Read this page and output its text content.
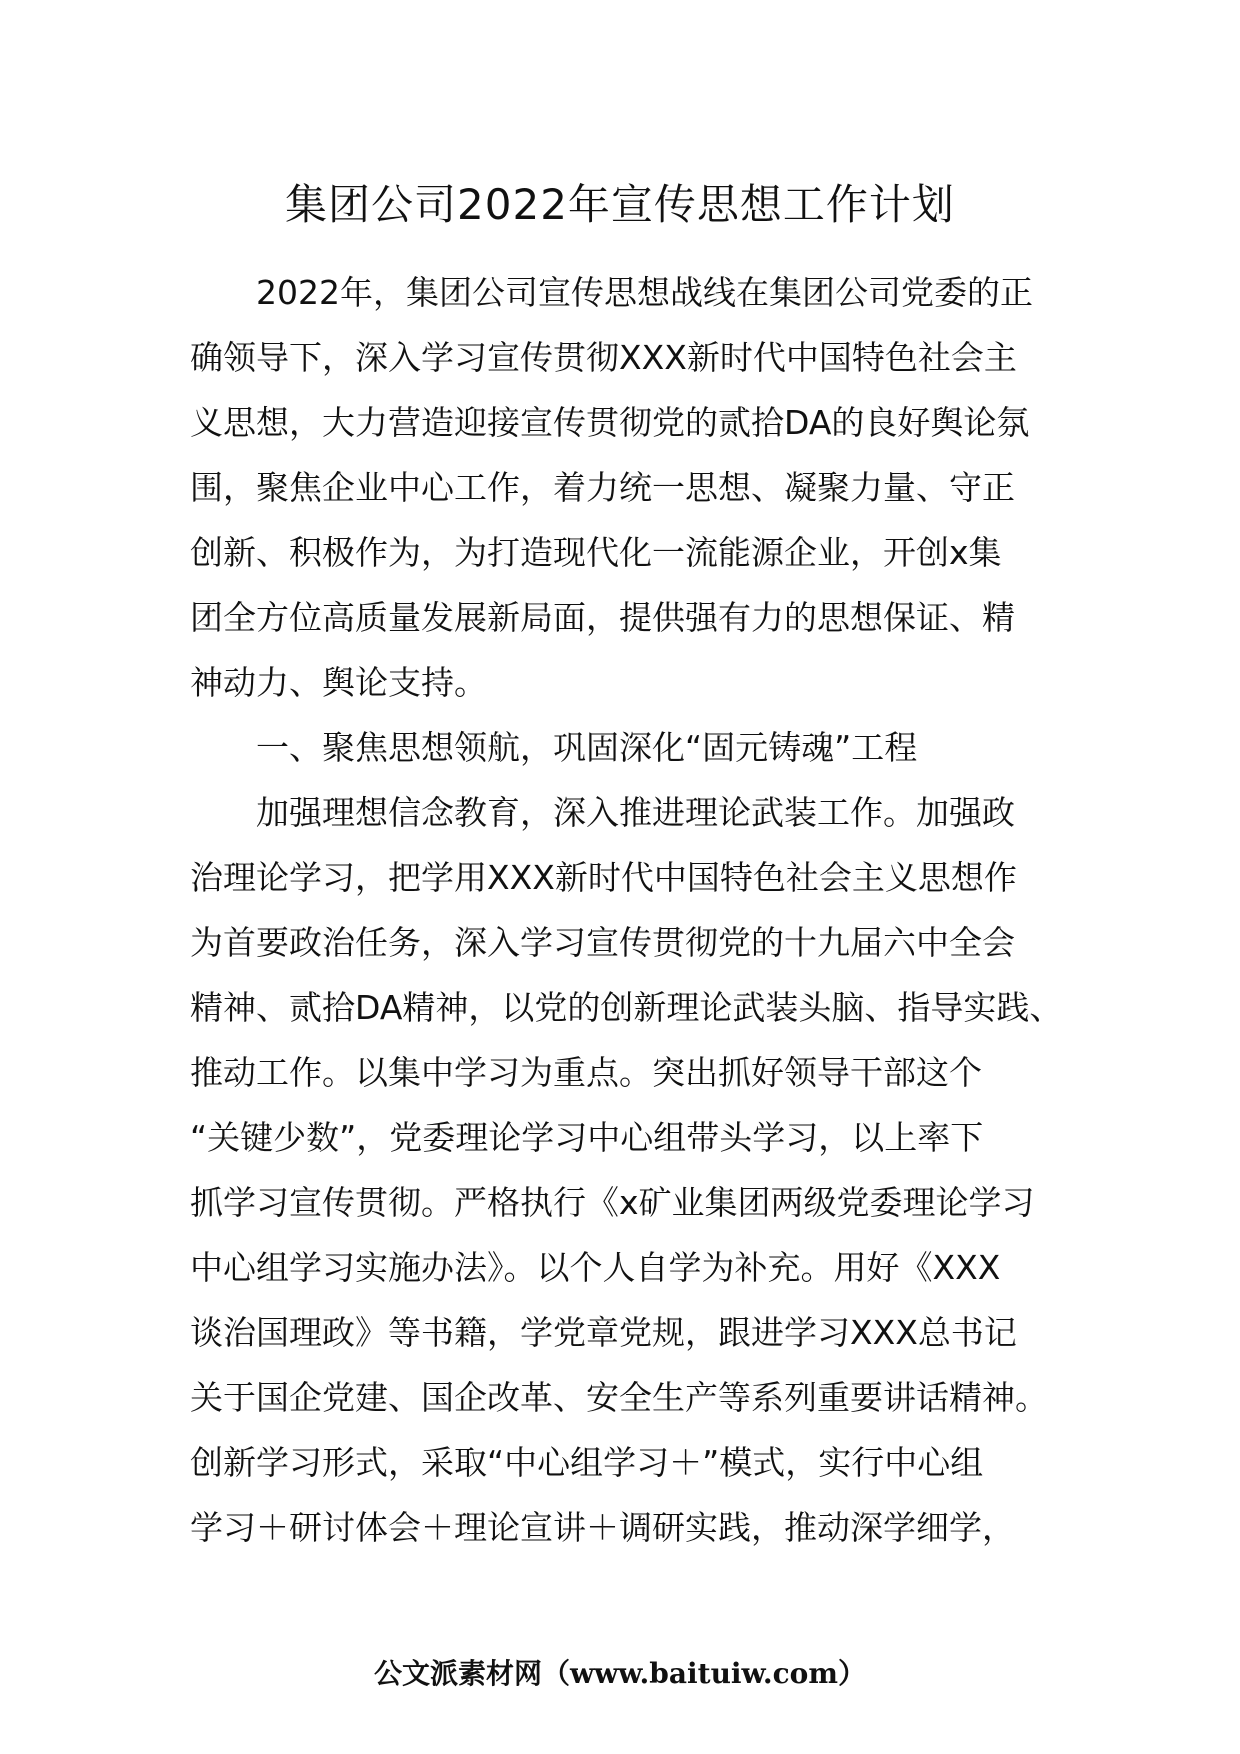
集团公司2022年宣传思想工作计划
2022年，集团公司宣传思想战线在集团公司党委的正
确领导下，深入学习宣传贯彻XXX新时代中国特色社会主
义思想，大力营造迎接宣传贯彻党的贰拾DA的良好舆论氛
围，聚焦企业中心工作，着力统一思想、凝聚力量、守正
创新、积极作为，为打造现代化一流能源企业，开创x集
团全方位高质量发展新局面，提供强有力的思想保证、精
神动力、舆论支持。
一、聚焦思想领航，巩固深化“固元铸魂”工程
加强理想信念教育，深入推进理论武装工作。加强政
治理论学习，把学用XXX新时代中国特色社会主义思想作
为首要政治任务，深入学习宣传贯彻党的十九届六中全会
精神、贰拾DA精神，以党的创新理论武装头脑、指导实践、
推动工作。以集中学习为重点。突出抓好领导干部这个
“关键少数”，党委理论学习中心组带头学习，以上率下
抓学习宣传贯彻。严格执行《x矿业集团两级党委理论学习
中心组学习实施办法》。以个人自学为补充。用好《XXX
谈治国理政》等书籍，学党章党规，跟进学习XXX总书记
关于国企党建、国企改革、安全生产等系列重要讲话精神。
创新学习形式，采取“中心组学习＋”模式，实行中心组
学习＋研讨体会＋理论宣讲＋调研实践，推动深学细学，
公文派素材网（www.baituiw.com）
